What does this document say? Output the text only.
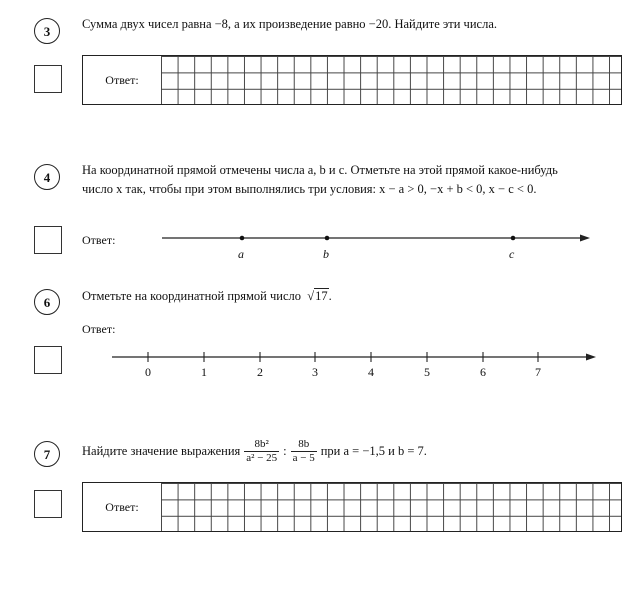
3	Сумма двух чисел равна −8, а их произведение равно −20. Найдите эти числа.
Ответ:
4	На координатной прямой отмечены числа a, b и c. Отметьте на этой прямой какое-нибудь
число x так, чтобы при этом выполнялись три условия: x − a > 0, −x + b < 0, x − c < 0.
Ответ:
a	b	c
6	Отметьте на координатной прямой число  √17.
Ответ:
0	1	2	3	4	5	6	7
7	Найдите значение выражения $\frac{\text{8b²}}{\text{a² − 25}}$ : $\frac{8b}{a - 5}$ при a = −1,5 и b = 7.
Ответ:
